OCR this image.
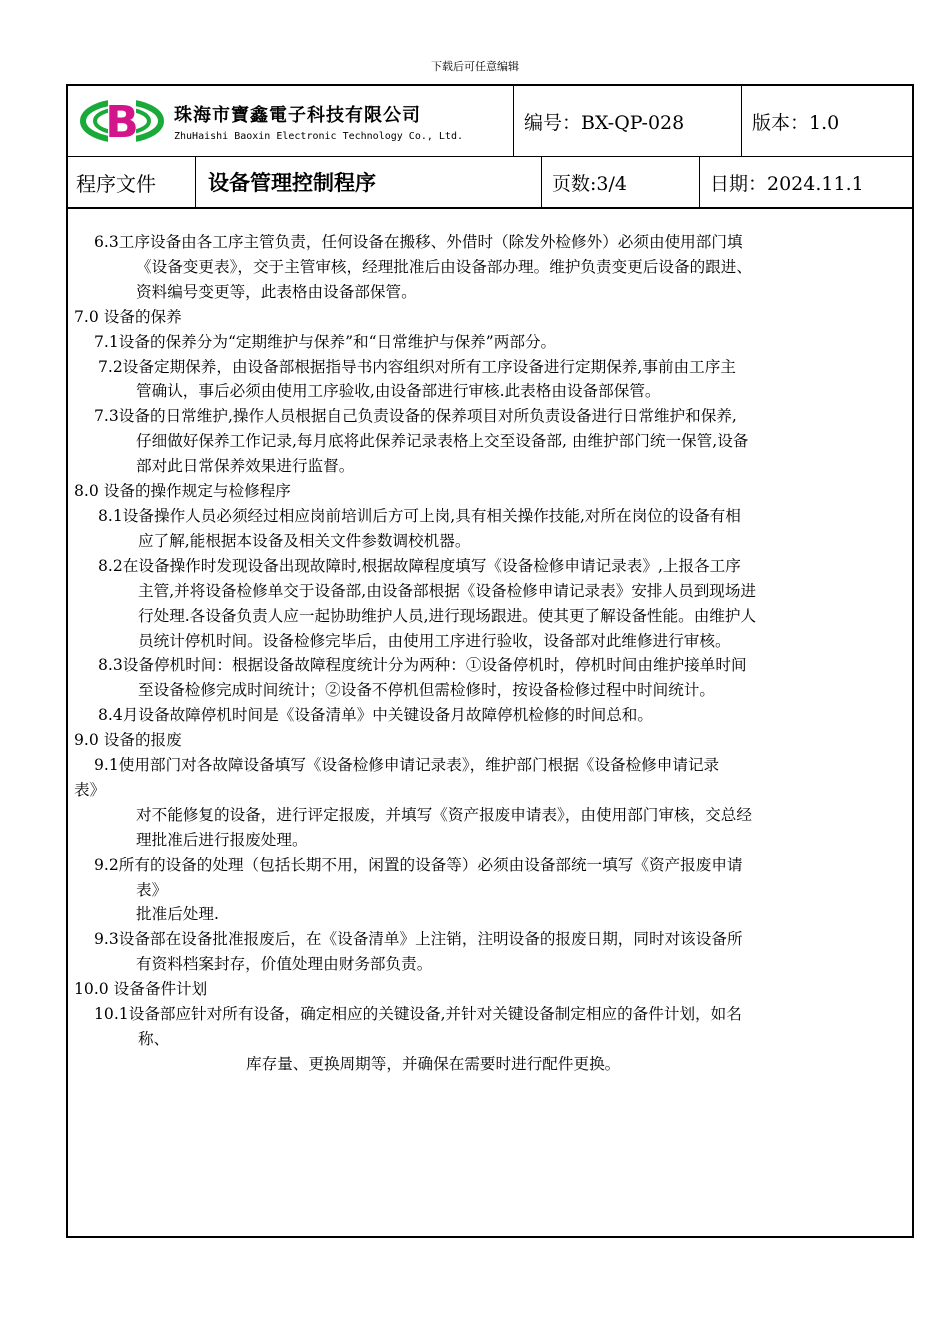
下载后可任意编辑
B 珠海市寶鑫電子科技有限公司
ZhuHaishi Baoxin Electronic Technology Co., Ltd.
编号：BX-QP-028	版本：1.0
程序文件	设备管理控制程序	页数:3/4	日期：2024.11.1
6.3工序设备由各工序主管负责，任何设备在搬移、外借时（除发外检修外）必须由使用部门填
《设备变更表》，交于主管审核，经理批准后由设备部办理。维护负责变更后设备的跟进、
资料编号变更等，此表格由设备部保管。
7.0 设备的保养
7.1设备的保养分为“定期维护与保养”和“日常维护与保养”两部分。
7.2设备定期保养，由设备部根据指导书内容组织对所有工序设备进行定期保养,事前由工序主
管确认，事后必须由使用工序验收,由设备部进行审核.此表格由设备部保管。
7.3设备的日常维护,操作人员根据自己负责设备的保养项目对所负责设备进行日常维护和保养,
仔细做好保养工作记录,每月底将此保养记录表格上交至设备部, 由维护部门统一保管,设备
部对此日常保养效果进行监督。
8.0 设备的操作规定与检修程序
8.1设备操作人员必须经过相应岗前培训后方可上岗,具有相关操作技能,对所在岗位的设备有相
应了解,能根据本设备及相关文件参数调校机器。
8.2在设备操作时发现设备出现故障时,根据故障程度填写《设备检修申请记录表》,上报各工序
主管,并将设备检修单交于设备部,由设备部根据《设备检修申请记录表》安排人员到现场进
行处理.各设备负责人应一起协助维护人员,进行现场跟进。使其更了解设备性能。由维护人
员统计停机时间。设备检修完毕后，由使用工序进行验收，设备部对此维修进行审核。
8.3设备停机时间：根据设备故障程度统计分为两种：①设备停机时，停机时间由维护接单时间
至设备检修完成时间统计；②设备不停机但需检修时，按设备检修过程中时间统计。
8.4月设备故障停机时间是《设备清单》中关键设备月故障停机检修的时间总和。
9.0 设备的报废
9.1使用部门对各故障设备填写《设备检修申请记录表》，维护部门根据《设备检修申请记录
表》
对不能修复的设备，进行评定报废，并填写《资产报废申请表》，由使用部门审核，交总经
理批准后进行报废处理。
9.2所有的设备的处理（包括长期不用，闲置的设备等）必须由设备部统一填写《资产报废申请
表》
批准后处理.
9.3设备部在设备批准报废后，在《设备清单》上注销，注明设备的报废日期，同时对该设备所
有资料档案封存，价值处理由财务部负责。
10.0 设备备件计划
10.1设备部应针对所有设备，确定相应的关键设备,并针对关键设备制定相应的备件计划，如名
称、
库存量、更换周期等，并确保在需要时进行配件更换。
